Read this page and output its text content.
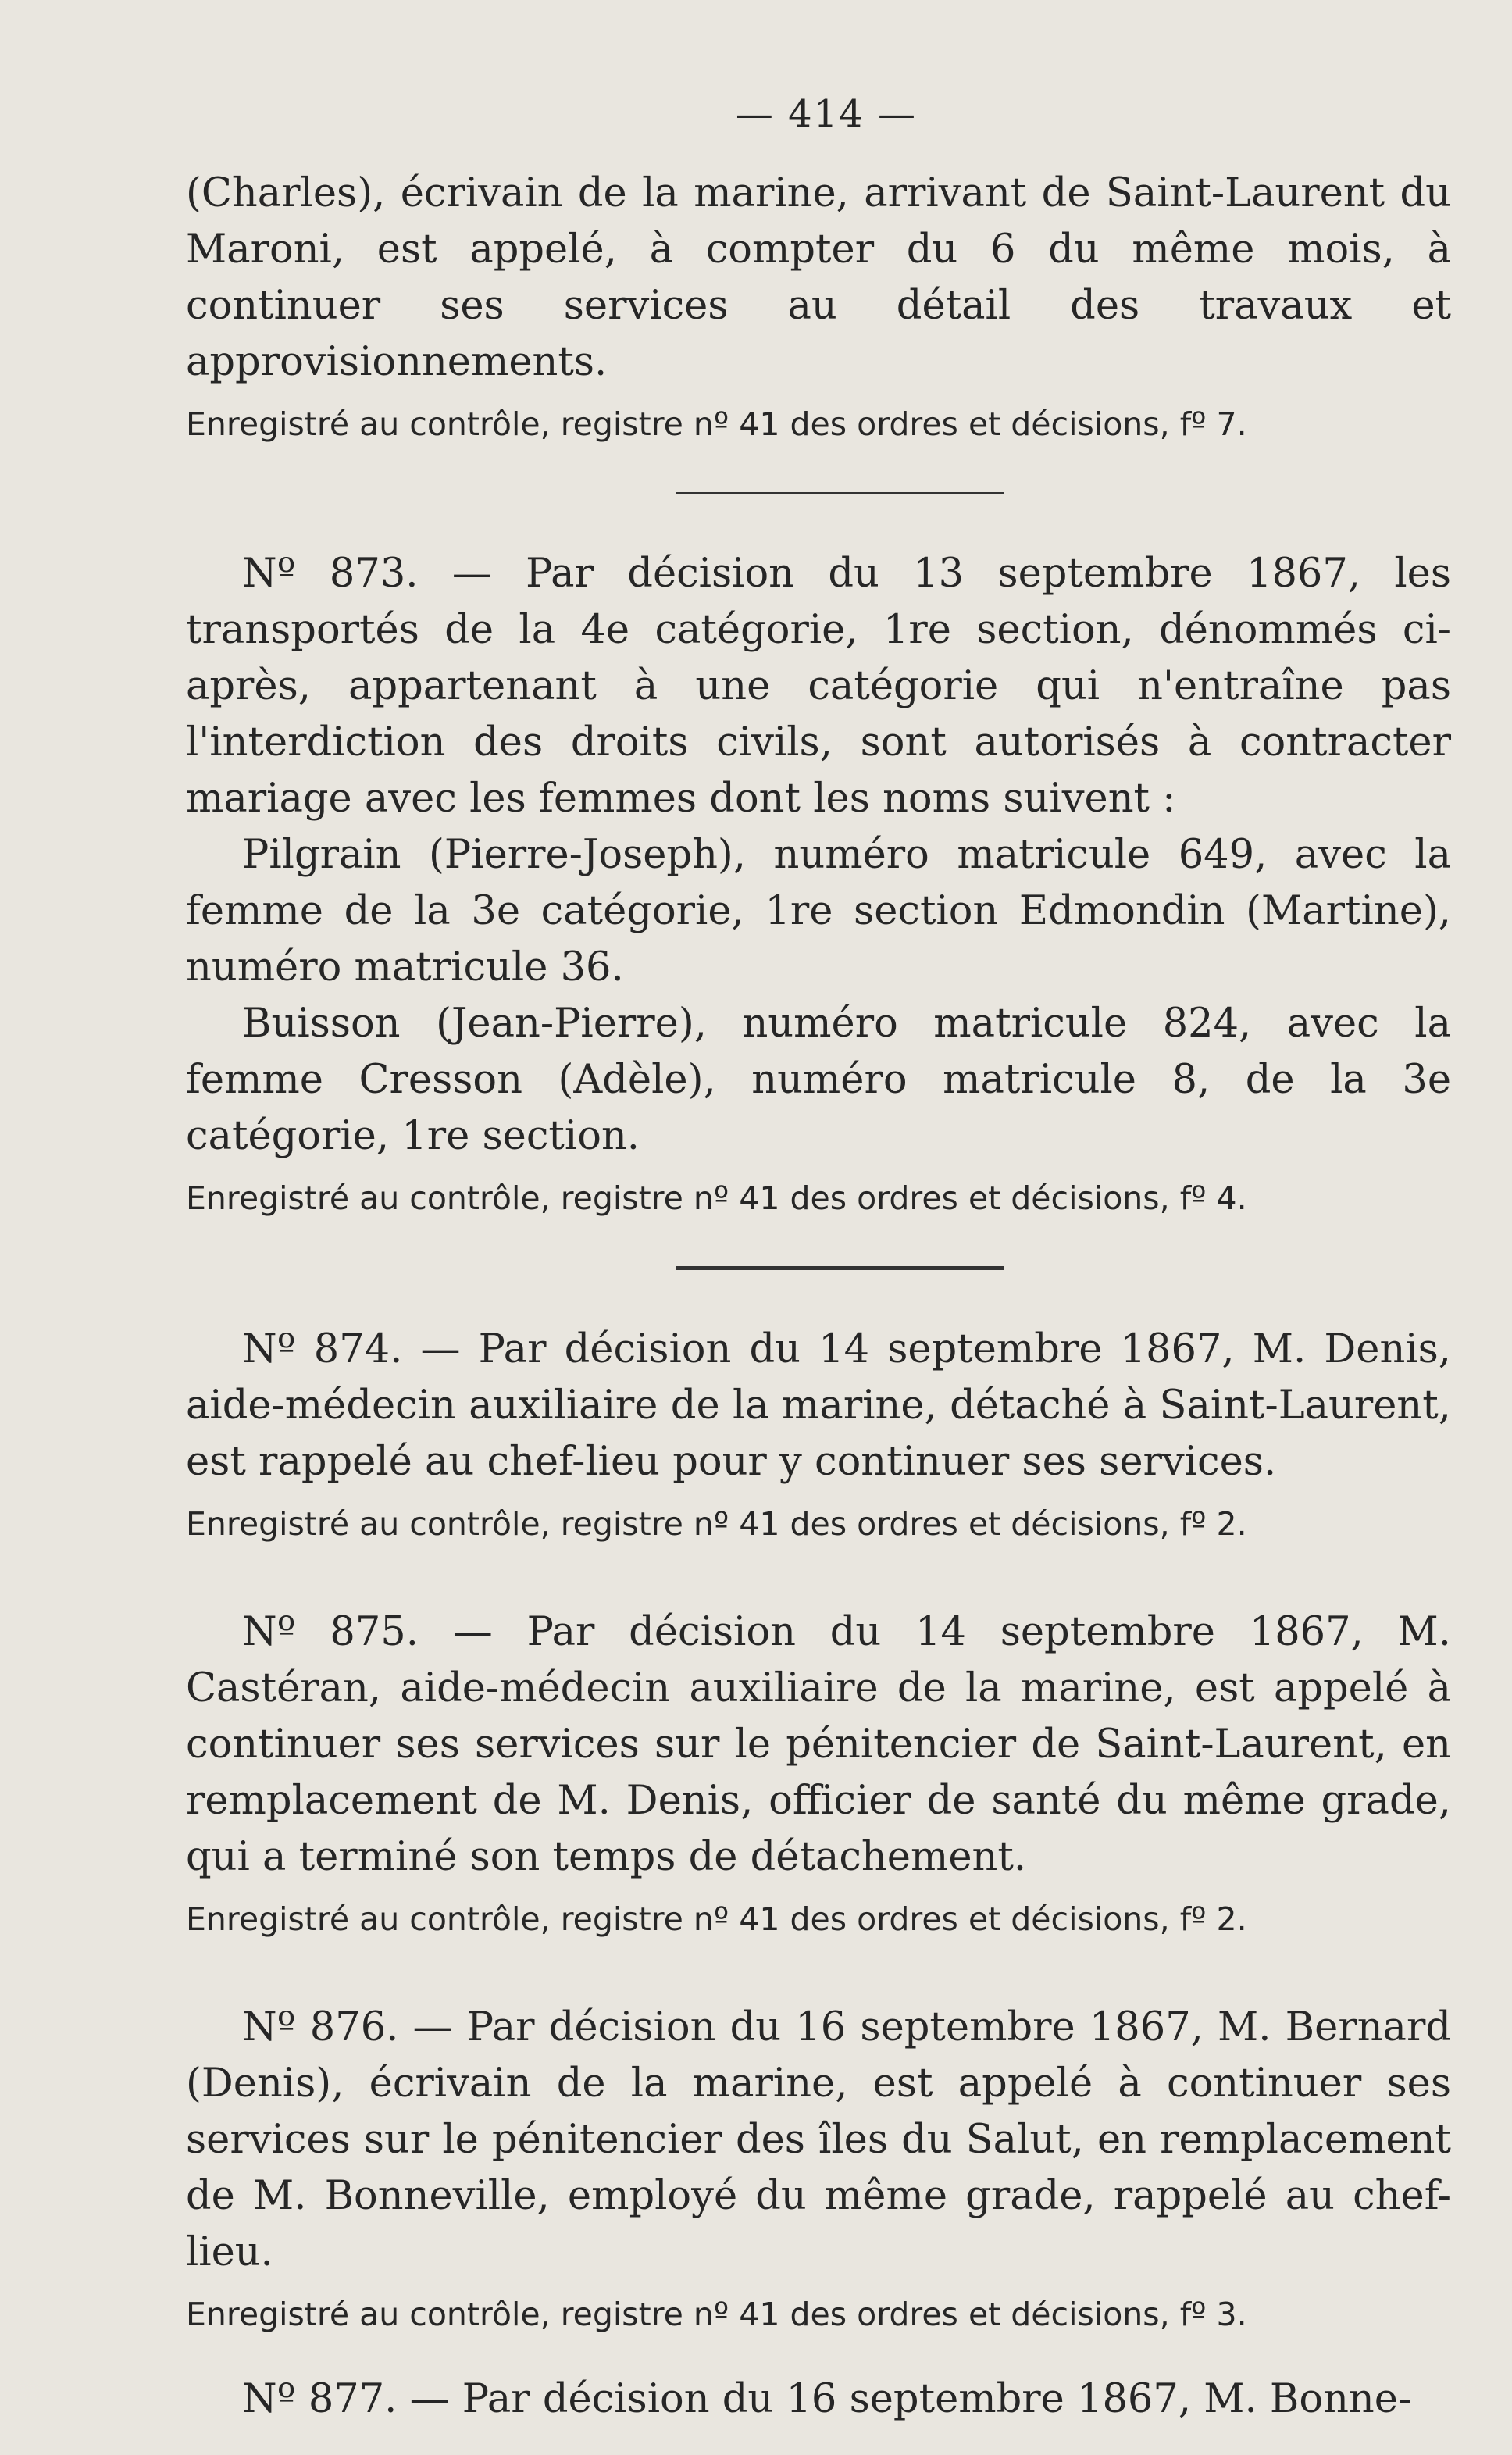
— 414 —

(Charles), écrivain de la marine, arrivant de Saint-Laurent du Maroni, est appelé, à compter du 6 du même mois, à continuer ses services au détail des travaux et approvisionnements.

Enregistré au contrôle, registre nº 41 des ordres et décisions, fº 7.

Nº 873. — Par décision du 13 septembre 1867, les transportés de la 4e catégorie, 1re section, dénommés ci-après, appartenant à une catégorie qui n'entraîne pas l'interdiction des droits civils, sont autorisés à contracter mariage avec les femmes dont les noms suivent :

Pilgrain (Pierre-Joseph), numéro matricule 649, avec la femme de la 3e catégorie, 1re section Edmondin (Martine), numéro matricule 36.

Buisson (Jean-Pierre), numéro matricule 824, avec la femme Cresson (Adèle), numéro matricule 8, de la 3e catégorie, 1re section.

Enregistré au contrôle, registre nº 41 des ordres et décisions, fº 4.

Nº 874. — Par décision du 14 septembre 1867, M. Denis, aide-médecin auxiliaire de la marine, détaché à Saint-Laurent, est rappelé au chef-lieu pour y continuer ses services.

Enregistré au contrôle, registre nº 41 des ordres et décisions, fº 2.

Nº 875. — Par décision du 14 septembre 1867, M. Castéran, aide-médecin auxiliaire de la marine, est appelé à continuer ses services sur le pénitencier de Saint-Laurent, en remplacement de M. Denis, officier de santé du même grade, qui a terminé son temps de détachement.

Enregistré au contrôle, registre nº 41 des ordres et décisions, fº 2.

Nº 876. — Par décision du 16 septembre 1867, M. Bernard (Denis), écrivain de la marine, est appelé à continuer ses services sur le pénitencier des îles du Salut, en remplacement de M. Bonneville, employé du même grade, rappelé au chef-lieu.

Enregistré au contrôle, registre nº 41 des ordres et décisions, fº 3.

Nº 877. — Par décision du 16 septembre 1867, M. Bonne-
